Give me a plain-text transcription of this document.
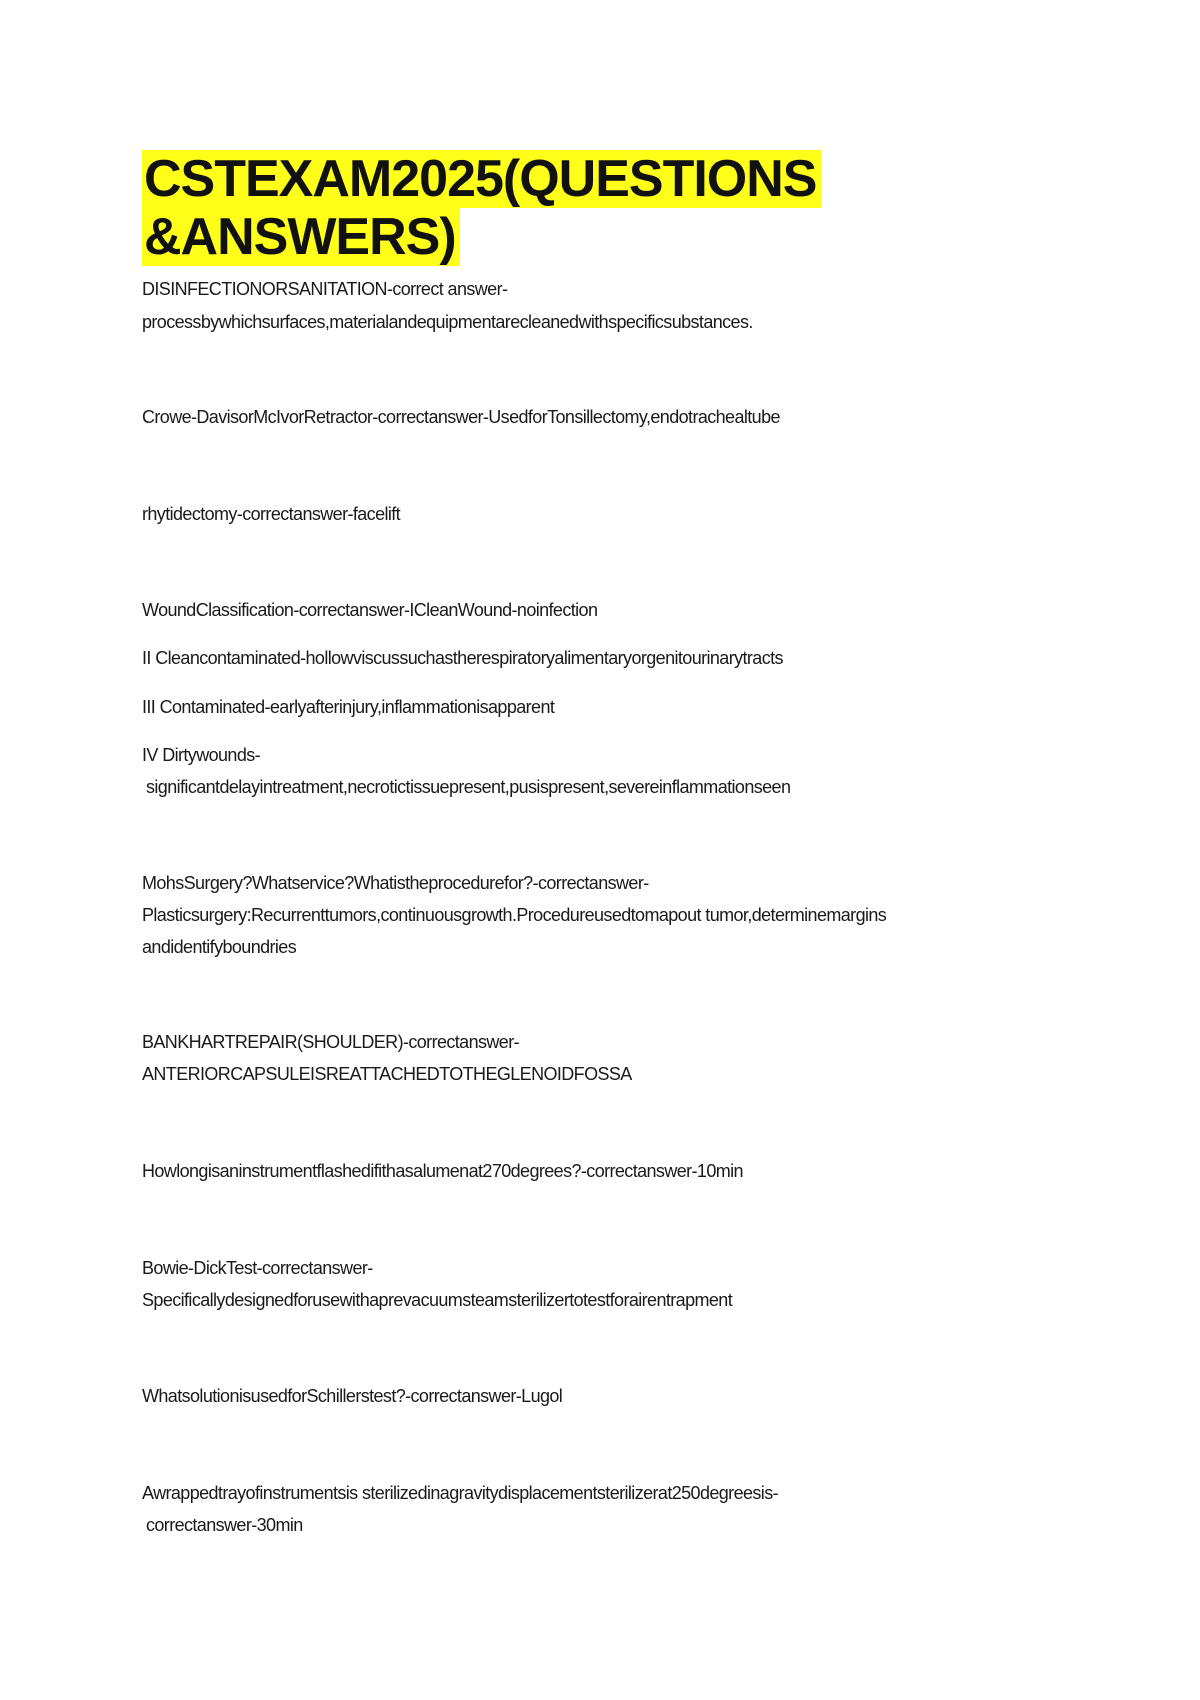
CSTEXAM2025(QUESTIONS
&ANSWERS)
DISINFECTIONORSANITATION-correct answer-
processbywhichsurfaces,materialandequipmentarecleanedwithspecificsubstances.
Crowe-DavisorMcIvorRetractor-correctanswer-UsedforTonsillectomy,endotrachealtube
rhytidectomy-correctanswer-facelift
WoundClassification-correctanswer-ICleanWound-noinfection
II Cleancontaminated-hollowviscussuchastherespiratoryalimentaryorgenitourinarytracts
III Contaminated-earlyafterinjury,inflammationisapparent
IV Dirtywounds-
significantdelayintreatment,necrotictissuepresent,pusispresent,severeinflammationseen
MohsSurgery?Whatservice?Whatistheprocedurefor?-correctanswer-
Plasticsurgery:Recurrenttumors,continuousgrowth.Procedureusedtomapout tumor,determinemargins
andidentifyboundries
BANKHARTREPAIR(SHOULDER)-correctanswer-
ANTERIORCAPSULEISREATTACHEDTOTHEGLENOIDFOSSA
Howlongisaninstrumentflashedifithasalumenat270degrees?-correctanswer-10min
Bowie-DickTest-correctanswer-
Specificallydesignedforusewithaprevacuumsteamsterilizertotestforairentrapment
WhatsolutionisusedforSchillerstest?-correctanswer-Lugol
Awrappedtrayofinstrumentsis sterilizedinagravitydisplacementsterilizerat250degreesis-
correctanswer-30min
